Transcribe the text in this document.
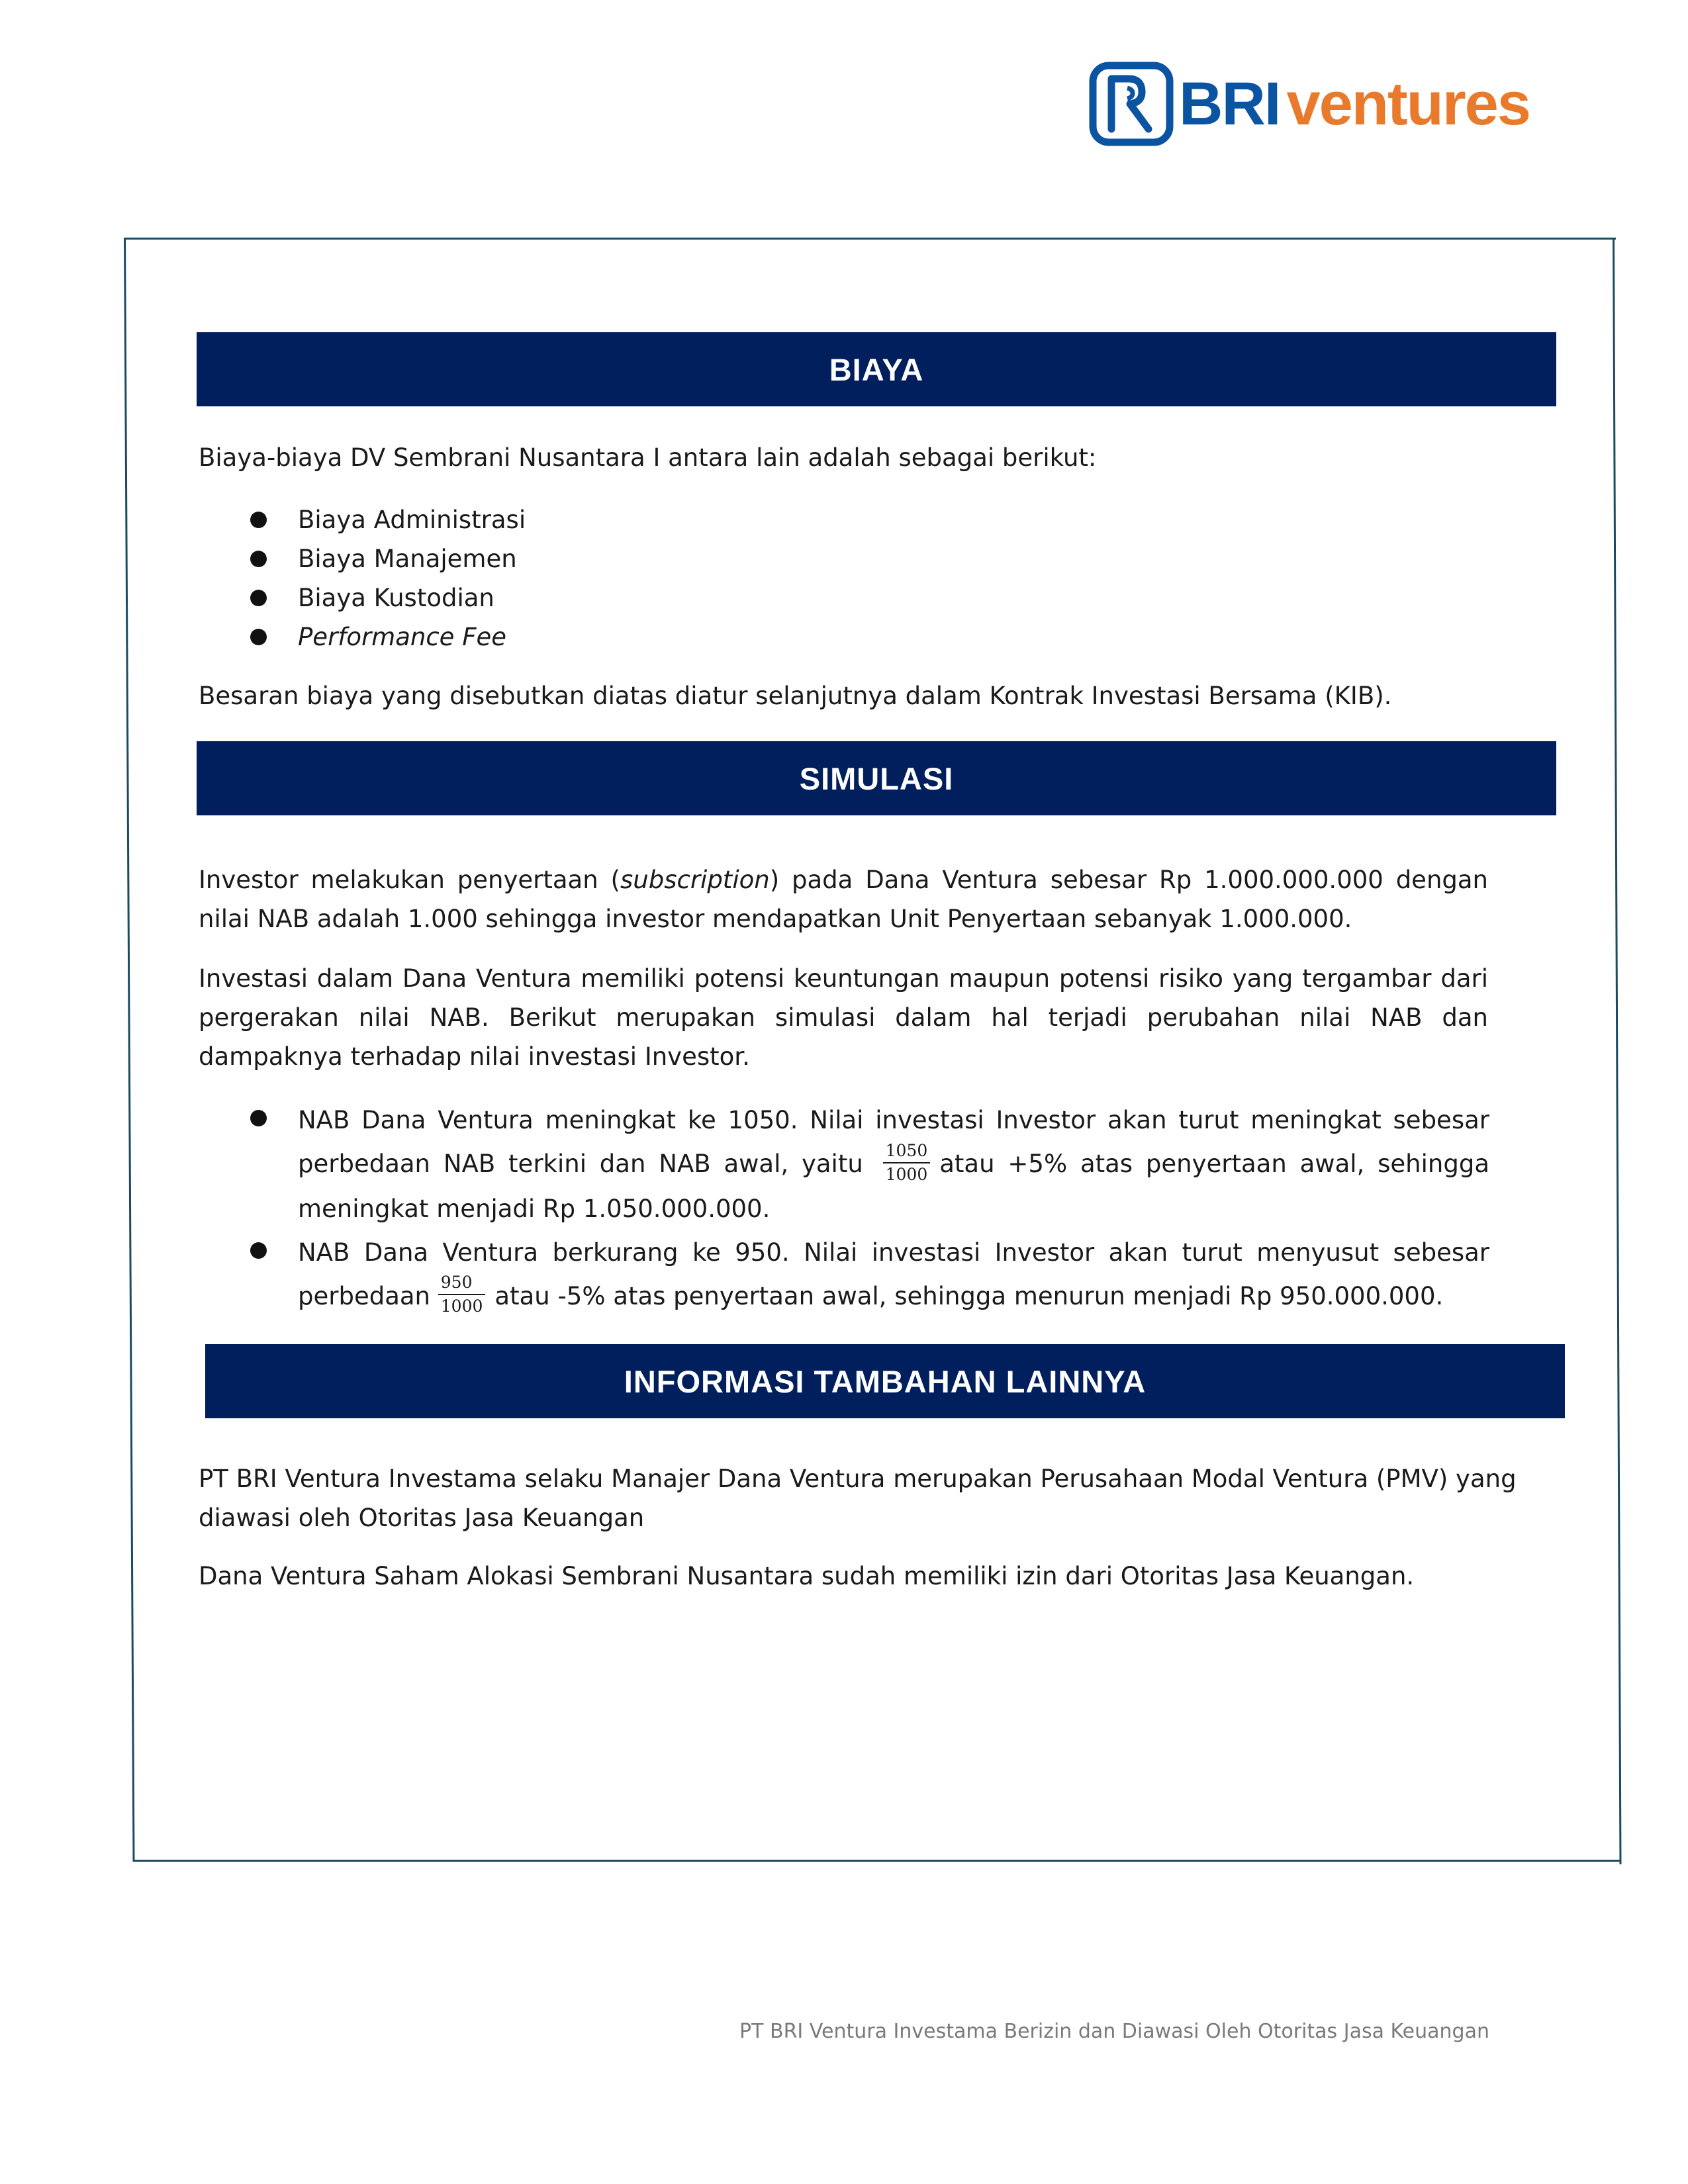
BRI ventures
BIAYA

Biaya-biaya DV Sembrani Nusantara I antara lain adalah sebagai berikut:

Biaya Administrasi
Biaya Manajemen
Biaya Kustodian
Performance Fee

Besaran biaya yang disebutkan diatas diatur selanjutnya dalam Kontrak Investasi Bersama (KIB).

SIMULASI

Investor melakukan penyertaan (subscription) pada Dana Ventura sebesar Rp 1.000.000.000 dengan nilai NAB adalah 1.000 sehingga investor mendapatkan Unit Penyertaan sebanyak 1.000.000.

Investasi dalam Dana Ventura memiliki potensi keuntungan maupun potensi risiko yang tergambar dari pergerakan nilai NAB. Berikut merupakan simulasi dalam hal terjadi perubahan nilai NAB dan dampaknya terhadap nilai investasi Investor.

NAB Dana Ventura meningkat ke 1050. Nilai investasi Investor akan turut meningkat sebesar perbedaan NAB terkini dan NAB awal, yaitu $\frac{1050}{1000}$ atau +5% atas penyertaan awal, sehingga meningkat menjadi Rp 1.050.000.000.
NAB Dana Ventura berkurang ke 950. Nilai investasi Investor akan turut menyusut sebesar perbedaan $\frac{950}{1000}$ atau -5% atas penyertaan awal, sehingga menurun menjadi Rp 950.000.000.
INFORMASI TAMBAHAN LAINNYA

PT BRI Ventura Investama selaku Manajer Dana Ventura merupakan Perusahaan Modal Ventura (PMV) yang diawasi oleh Otoritas Jasa Keuangan

Dana Ventura Saham Alokasi Sembrani Nusantara sudah memiliki izin dari Otoritas Jasa Keuangan.

PT BRI Ventura Investama Berizin dan Diawasi Oleh Otoritas Jasa Keuangan
